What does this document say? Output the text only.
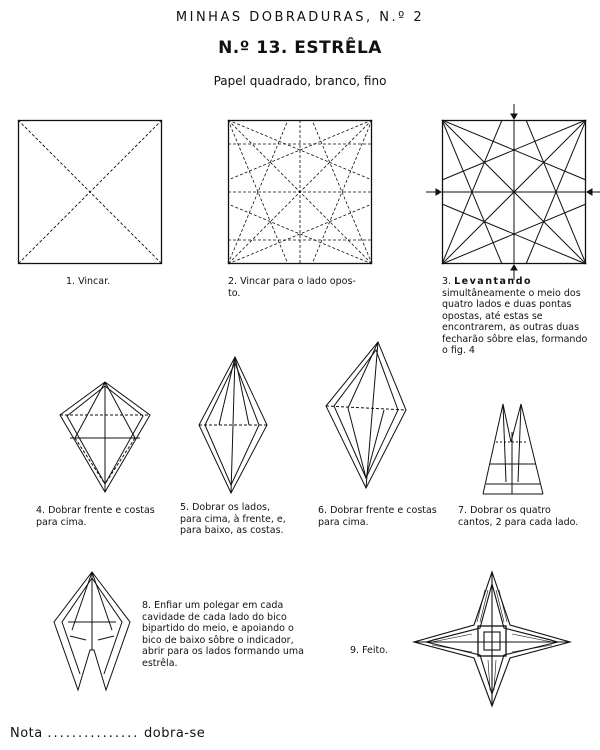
MINHAS DOBRADURAS, N.º 2
N.º 13. ESTRÊLA
Papel quadrado, branco, fino
1. Vincar.	2. Vincar para o lado opos-to.
3. Levantando simultâneamente o meio dos quatro lados e duas pontas opostas, até estas se encontrarem, as outras duas fecharão sôbre elas, formando o fig. 4
4. Dobrar frente e costas para cima.
5. Dobrar os lados, para cima, à frente, e, para baixo, as costas.
6. Dobrar frente e costas para cima.
7. Dobrar os quatro cantos, 2 para cada lado.
8. Enfiar um polegar em cada cavidade de cada lado do bico bipartido do meio, e apoiando o bico de baixo sôbre o indicador, abrir para os lados formando uma estrêla.
9. Feito.
Nota ............... dobra-se
